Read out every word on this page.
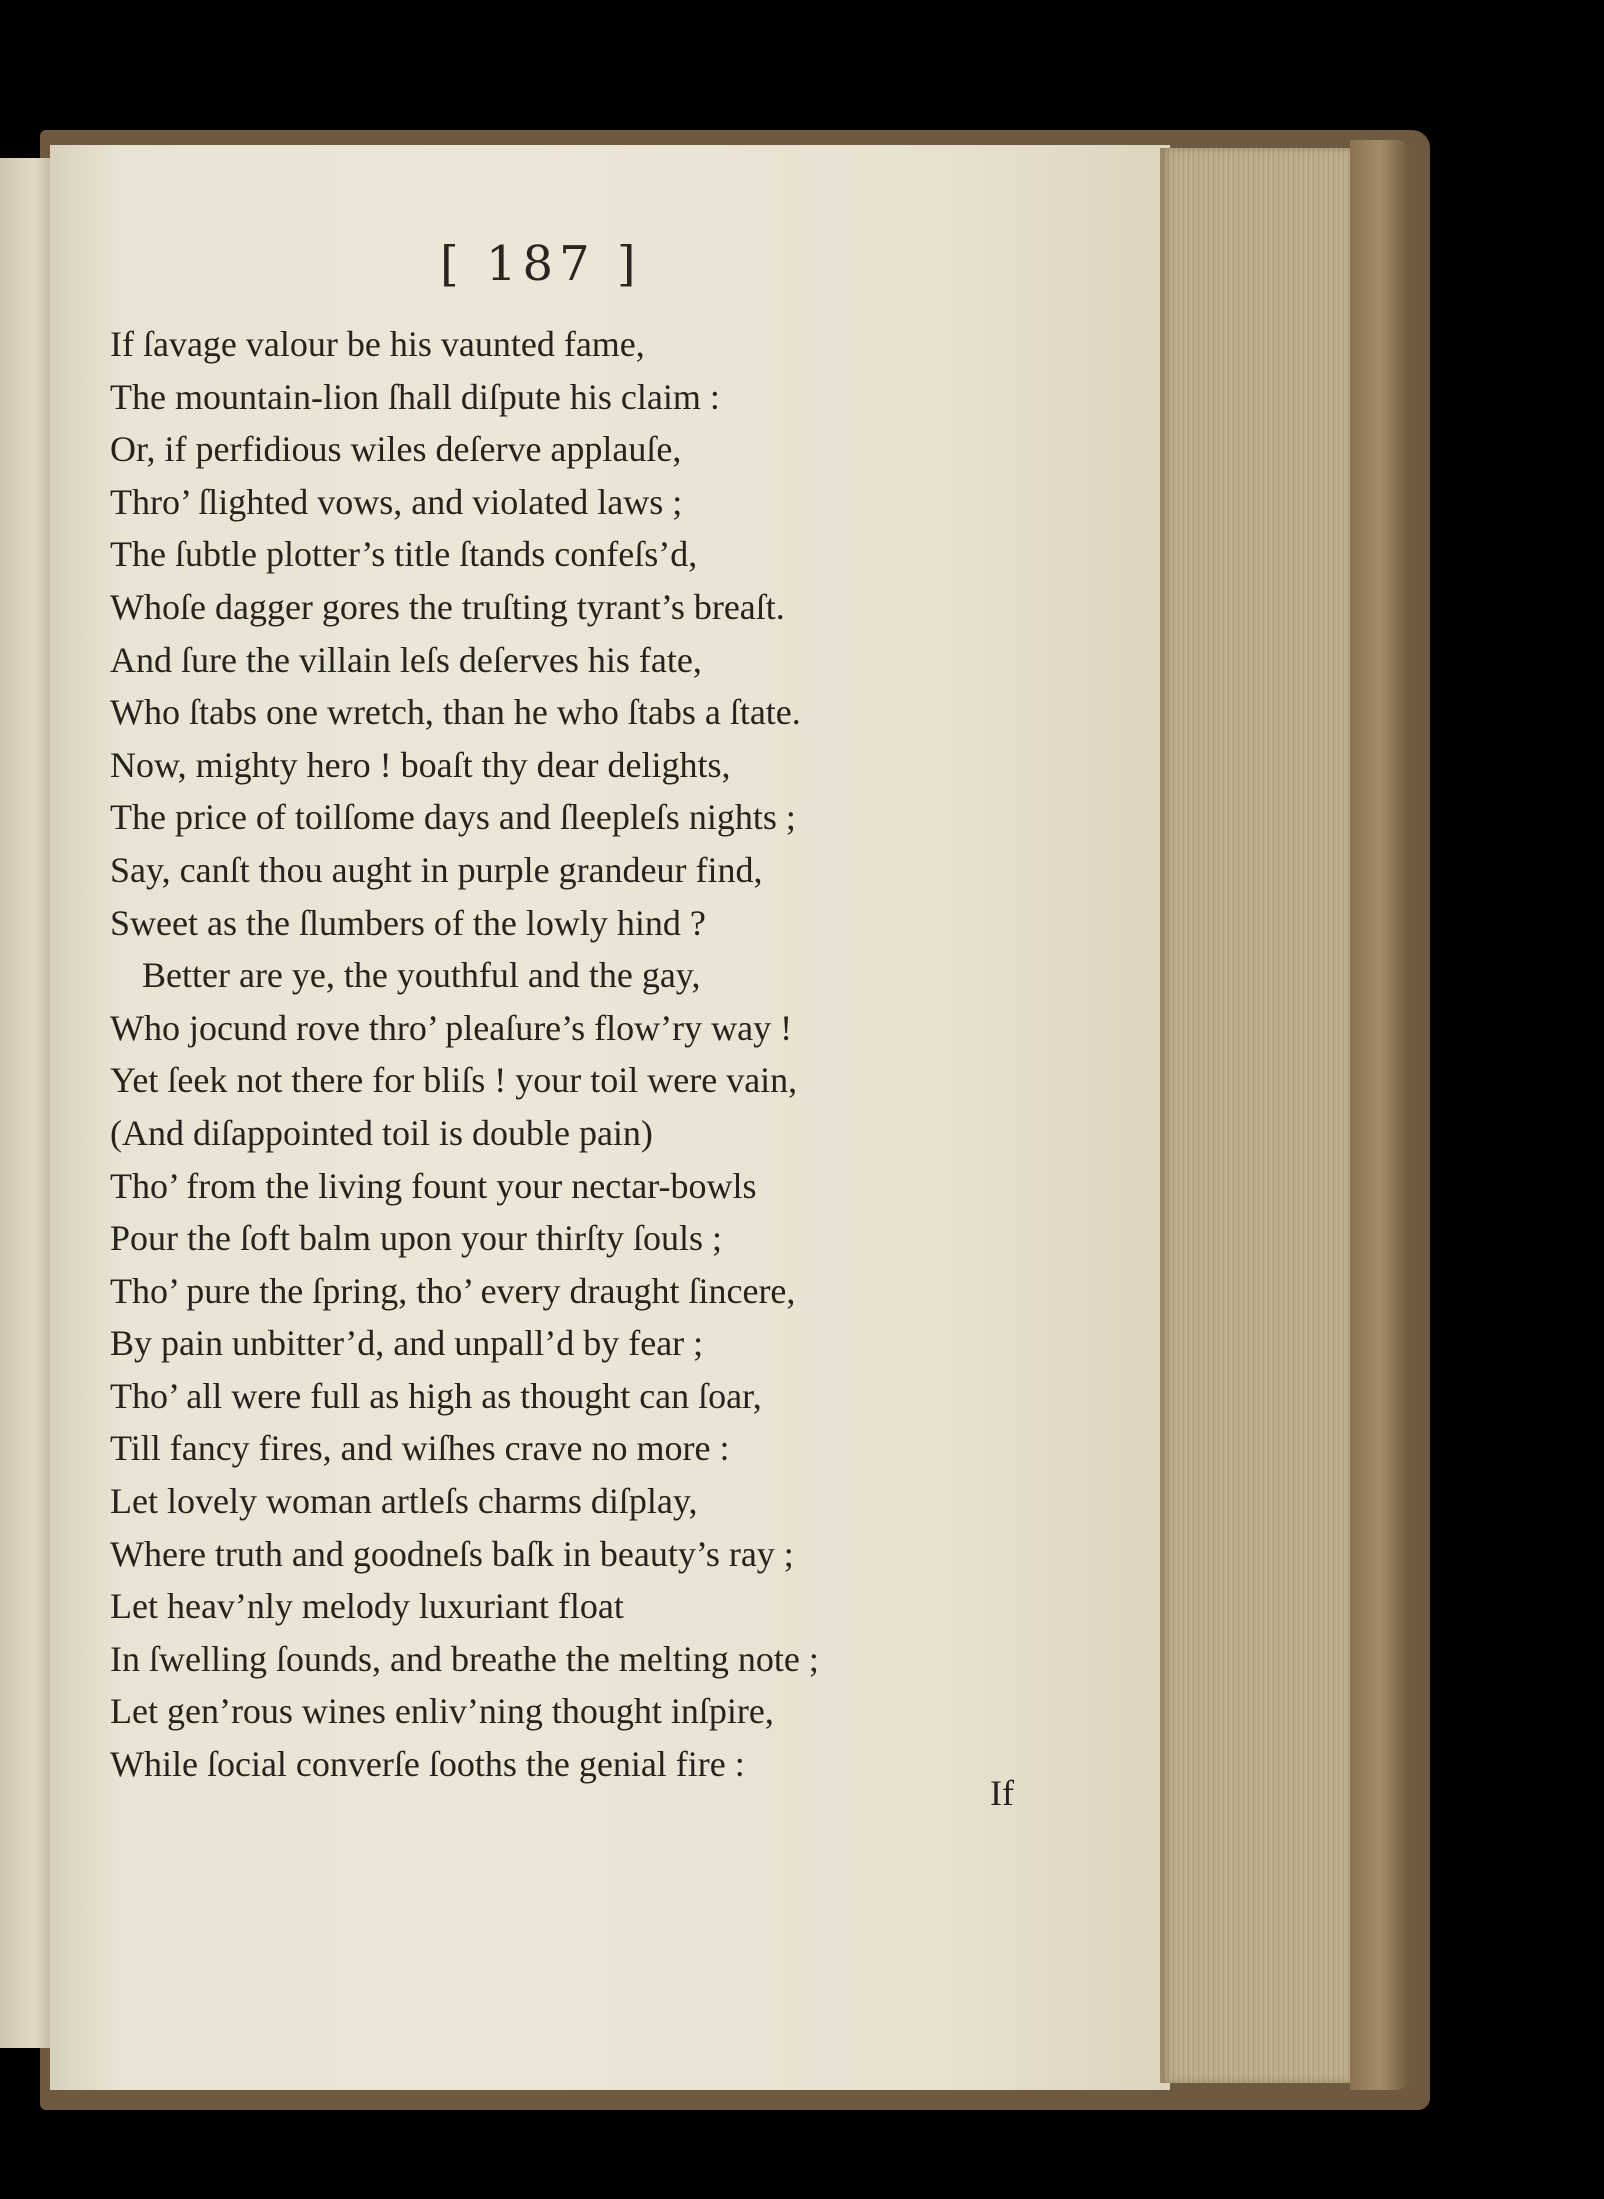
[ 187 ]

If ſavage valour be his vaunted fame,
The mountain-lion ſhall diſpute his claim :
Or, if perfidious wiles deſerve applauſe,
Thro’ ſlighted vows, and violated laws ;
The ſubtle plotter’s title ſtands confeſs’d,
Whoſe dagger gores the truſting tyrant’s breaſt.
And ſure the villain leſs deſerves his fate,
Who ſtabs one wretch, than he who ſtabs a ſtate.
Now, mighty hero ! boaſt thy dear delights,
The price of toilſome days and ſleepleſs nights ;
Say, canſt thou aught in purple grandeur find,
Sweet as the ſlumbers of the lowly hind ?
Better are ye, the youthful and the gay,
Who jocund rove thro’ pleaſure’s flow’ry way !
Yet ſeek not there for bliſs ! your toil were vain,
(And diſappointed toil is double pain)
Tho’ from the living fount your nectar-bowls
Pour the ſoft balm upon your thirſty ſouls ;
Tho’ pure the ſpring, tho’ every draught ſincere,
By pain unbitter’d, and unpall’d by fear ;
Tho’ all were full as high as thought can ſoar,
Till fancy fires, and wiſhes crave no more :
Let lovely woman artleſs charms diſplay,
Where truth and goodneſs baſk in beauty’s ray ;
Let heav’nly melody luxuriant float
In ſwelling ſounds, and breathe the melting note ;
Let gen’rous wines enliv’ning thought inſpire,
While ſocial converſe ſooths the genial fire :

If
